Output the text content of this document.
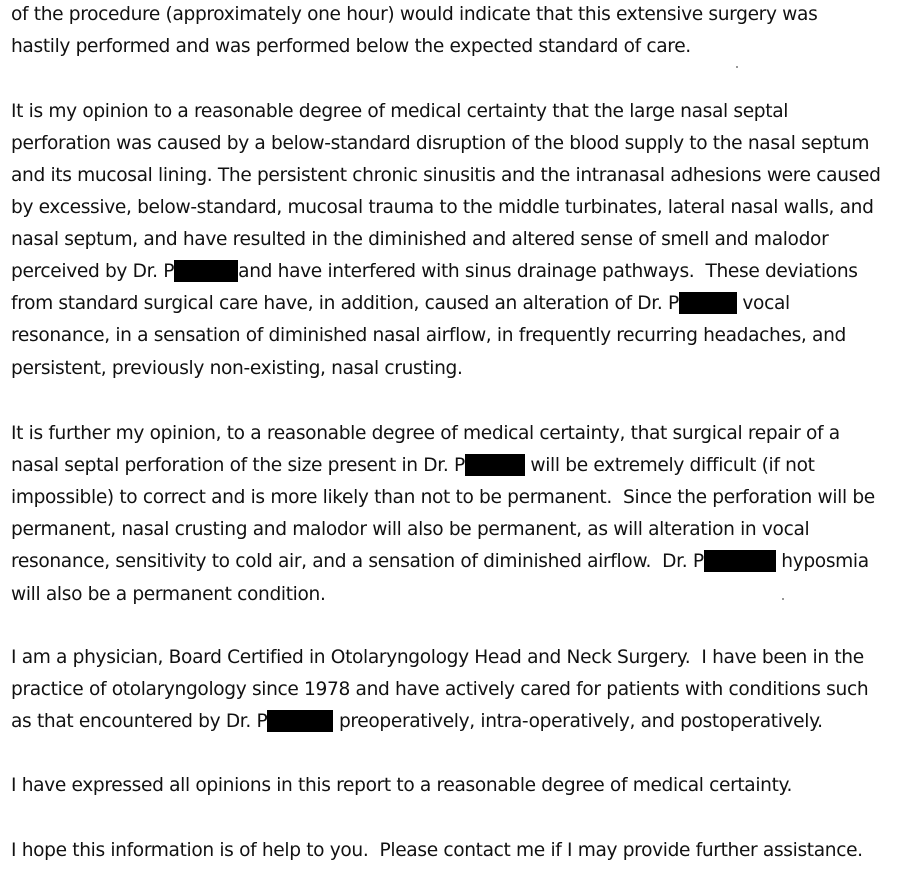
of the procedure (approximately one hour) would indicate that this extensive surgery was
hastily performed and was performed below the expected standard of care.
It is my opinion to a reasonable degree of medical certainty that the large nasal septal
perforation was caused by a below-standard disruption of the blood supply to the nasal septum
and its mucosal lining. The persistent chronic sinusitis and the intranasal adhesions were caused
by excessive, below-standard, mucosal trauma to the middle turbinates, lateral nasal walls, and
nasal septum, and have resulted in the diminished and altered sense of smell and malodor
perceived by Dr. P	and have interfered with sinus drainage pathways.  These deviations
from standard surgical care have, in addition, caused an alteration of Dr. P	vocal
resonance, in a sensation of diminished nasal airflow, in frequently recurring headaches, and
persistent, previously non-existing, nasal crusting.
It is further my opinion, to a reasonable degree of medical certainty, that surgical repair of a
nasal septal perforation of the size present in Dr. P	will be extremely difficult (if not
impossible) to correct and is more likely than not to be permanent.  Since the perforation will be
permanent, nasal crusting and malodor will also be permanent, as will alteration in vocal
resonance, sensitivity to cold air, and a sensation of diminished airflow.  Dr. P	hyposmia
will also be a permanent condition.
I am a physician, Board Certified in Otolaryngology Head and Neck Surgery.  I have been in the
practice of otolaryngology since 1978 and have actively cared for patients with conditions such
as that encountered by Dr. P	preoperatively, intra-operatively, and postoperatively.
I have expressed all opinions in this report to a reasonable degree of medical certainty.
I hope this information is of help to you.  Please contact me if I may provide further assistance.
